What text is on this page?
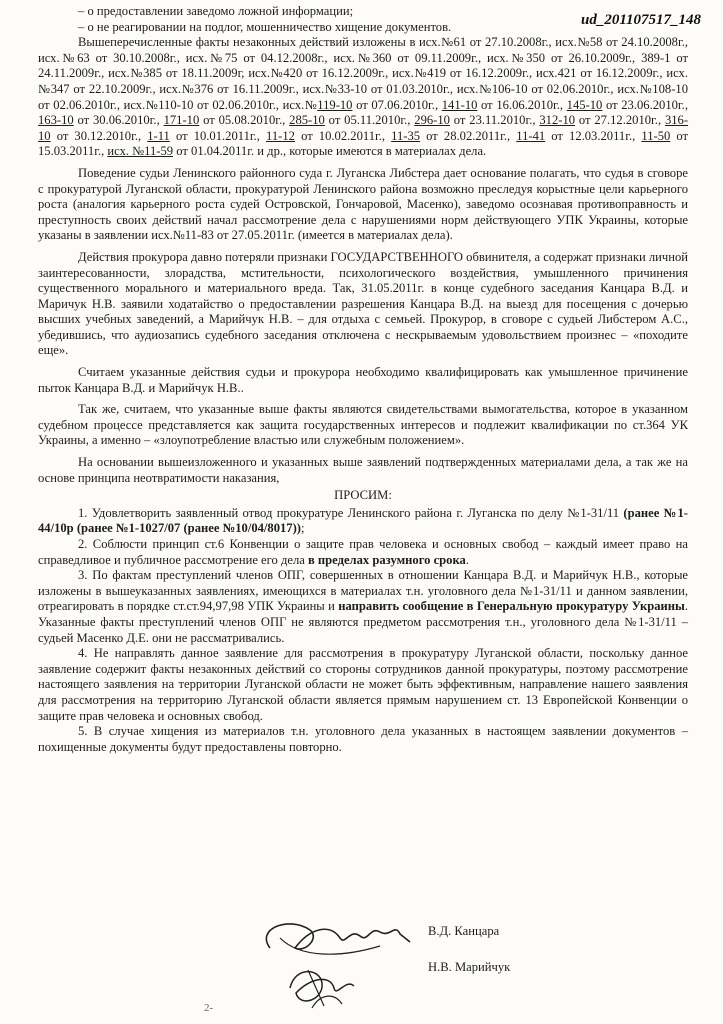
ud_201107517_148

– о предоставлении заведомо ложной информации;

– о не реагировании на подлог, мошенничество хищение документов.

Вышеперечисленные факты незаконных действий изложены в исх.№61 от 27.10.2008г., исх.№58 от 24.10.2008г., исх.№63 от 30.10.2008г., исх.№75 от 04.12.2008г., исх.№360 от 09.11.2009г., исх.№350 от 26.10.2009г., 389-1 от 24.11.2009г., исх.№385 от 18.11.2009г, исх.№420 от 16.12.2009г., исх.№419 от 16.12.2009г., исх.421 от 16.12.2009г., исх.№347 от 22.10.2009г., исх.№376 от 16.11.2009г., исх.№33-10 от 01.03.2010г., исх.№106-10 от 02.06.2010г., исх.№108-10 от 02.06.2010г., исх.№110-10 от 02.06.2010г., исх.№119-10 от 07.06.2010г., 141-10 от 16.06.2010г., 145-10 от 23.06.2010г., 163-10 от 30.06.2010г., 171-10 от 05.08.2010г., 285-10 от 05.11.2010г., 296-10 от 23.11.2010г., 312-10 от 27.12.2010г., 316-10 от 30.12.2010г., 1-11 от 10.01.2011г., 11-12 от 10.02.2011г., 11-35 от 28.02.2011г., 11-41 от 12.03.2011г., 11-50 от 15.03.2011г., исх. №11-59 от 01.04.2011г. и др., которые имеются в материалах дела.

Поведение судьи Ленинского районного суда г. Луганска Либстера дает основание полагать, что судья в сговоре с прокуратурой Луганской области, прокуратурой Ленинского района возможно преследуя корыстные цели карьерного роста (аналогия карьерного роста судей Островской, Гончаровой, Масенко), заведомо осознавая противоправность и преступность своих действий начал рассмотрение дела с нарушениями норм действующего УПК Украины, которые указаны в заявлении исх.№11-83 от 27.05.2011г. (имеется в материалах дела).

Действия прокурора давно потеряли признаки ГОСУДАРСТВЕННОГО обвинителя, а содержат признаки личной заинтересованности, злорадства, мстительности, психологического воздействия, умышленного причинения существенного морального и материального вреда. Так, 31.05.2011г. в конце судебного заседания Канцара В.Д. и Маричук Н.В. заявили ходатайство о предоставлении разрешения Канцара В.Д. на выезд для посещения с дочерью высших учебных заведений, а Марийчук Н.В. – для отдыха с семьей. Прокурор, в сговоре с судьей Либстером А.С., убедившись, что аудиозапись судебного заседания отключена с нескрываемым удовольствием произнес – «походите еще».

Считаем указанные действия судьи и прокурора необходимо квалифицировать как умышленное причинение пыток Канцара В.Д. и Марийчук Н.В..

Так же, считаем, что указанные выше факты являются свидетельствами вымогательства, которое в указанном судебном процессе представляется как защита государственных интересов и подлежит квалификации по ст.364 УК Украины, а именно – «злоупотребление властью или служебным положением».

На основании вышеизложенного и указанных выше заявлений подтвержденных материалами дела, а так же на основе принципа неотвратимости наказания,

ПРОСИМ:

1. Удовлетворить заявленный отвод прокуратуре Ленинского района г. Луганска по делу №1-31/11 (ранее №1-44/10р (ранее №1-1027/07 (ранее №10/04/8017));

2. Соблюсти принцип ст.6 Конвенции о защите прав человека и основных свобод – каждый имеет право на справедливое и публичное рассмотрение его дела в пределах разумного срока.

3. По фактам преступлений членов ОПГ, совершенных в отношении Канцара В.Д. и Марийчук Н.В., которые изложены в вышеуказанных заявлениях, имеющихся в материалах т.н. уголовного дела №1-31/11 и данном заявлении, отреагировать в порядке ст.ст.94,97,98 УПК Украины и направить сообщение в Генеральную прокуратуру Украины. Указанные факты преступлений членов ОПГ не являются предметом рассмотрения т.н., уголовного дела №1-31/11 – судьей Масенко Д.Е. они не рассматривались.

4. Не направлять данное заявление для рассмотрения в прокуратуру Луганской области, поскольку данное заявление содержит факты незаконных действий со стороны сотрудников данной прокуратуры, поэтому рассмотрение настоящего заявления на территории Луганской области не может быть эффективным, направление нашего заявления для рассмотрения на территорию Луганской области является прямым нарушением ст. 13 Европейской Конвенции о защите прав человека и основных свобод.

5. В случае хищения из материалов т.н. уголовного дела указанных в настоящем заявлении документов – похищенные документы будут предоставлены повторно.

В.Д. Канцара
Н.В. Марийчук
2-
